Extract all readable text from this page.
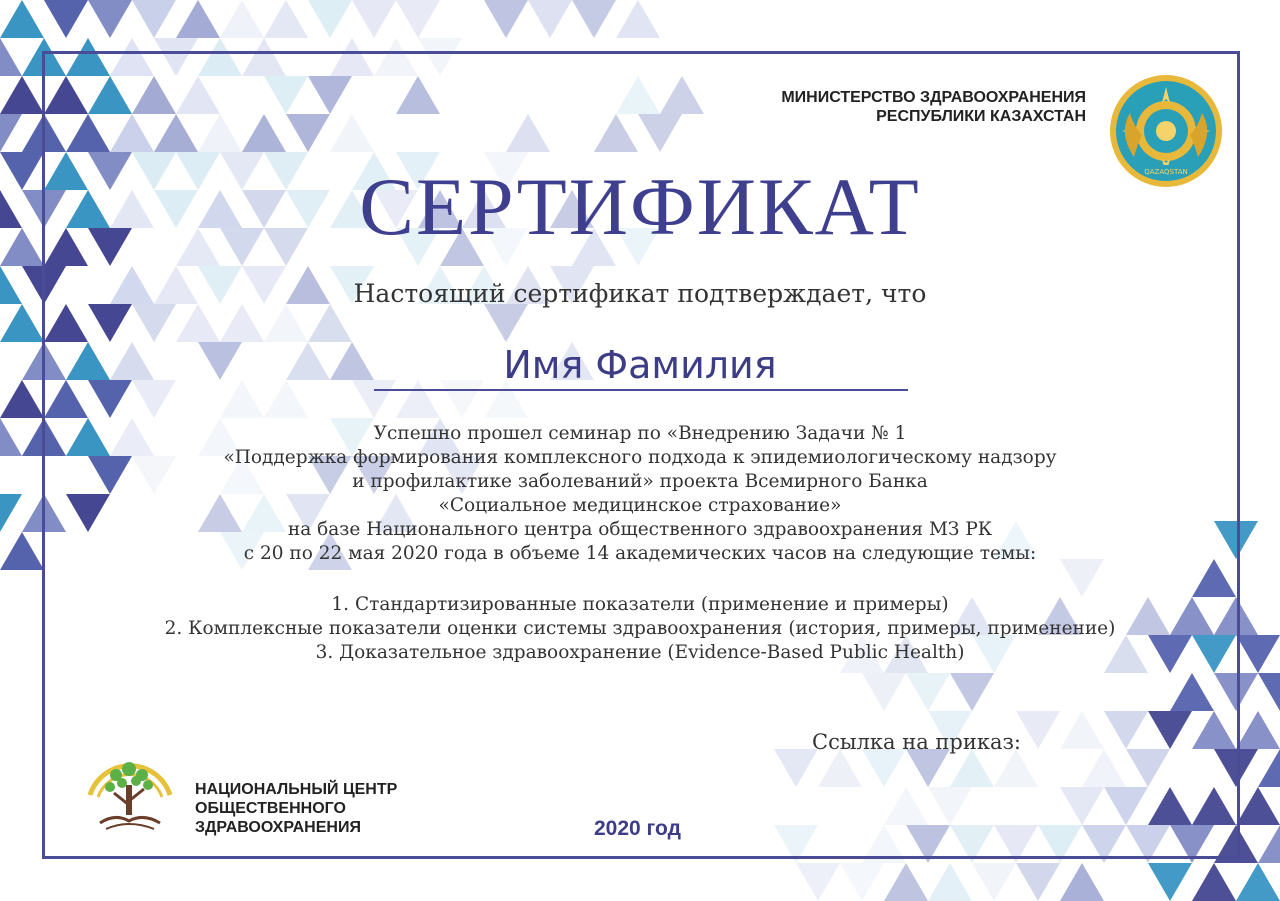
МИНИСТЕРСТВО ЗДРАВООХРАНЕНИЯ
РЕСПУБЛИКИ КАЗАХСТАН
QAZAQSTAN
СЕРТИФИКАТ
Настоящий сертификат подтверждает, что
Имя Фамилия
Успешно прошел семинар по «Внедрению Задачи № 1
«Поддержка формирования комплексного подхода к эпидемиологическому надзору
и профилактике заболеваний» проекта Всемирного Банка
«Социальное медицинское страхование»
на базе Национального центра общественного здравоохранения МЗ РК
с 20 по 22 мая 2020 года в объеме 14 академических часов на следующие темы:
1. Стандартизированные показатели (применение и примеры)
2. Комплексные показатели оценки системы здравоохранения (история, примеры, применение)
3. Доказательное здравоохранение (Evidence-Based Public Health)
Ссылка на приказ:
НАЦИОНАЛЬНЫЙ ЦЕНТР
ОБЩЕСТВЕННОГО
ЗДРАВООХРАНЕНИЯ	2020 год
